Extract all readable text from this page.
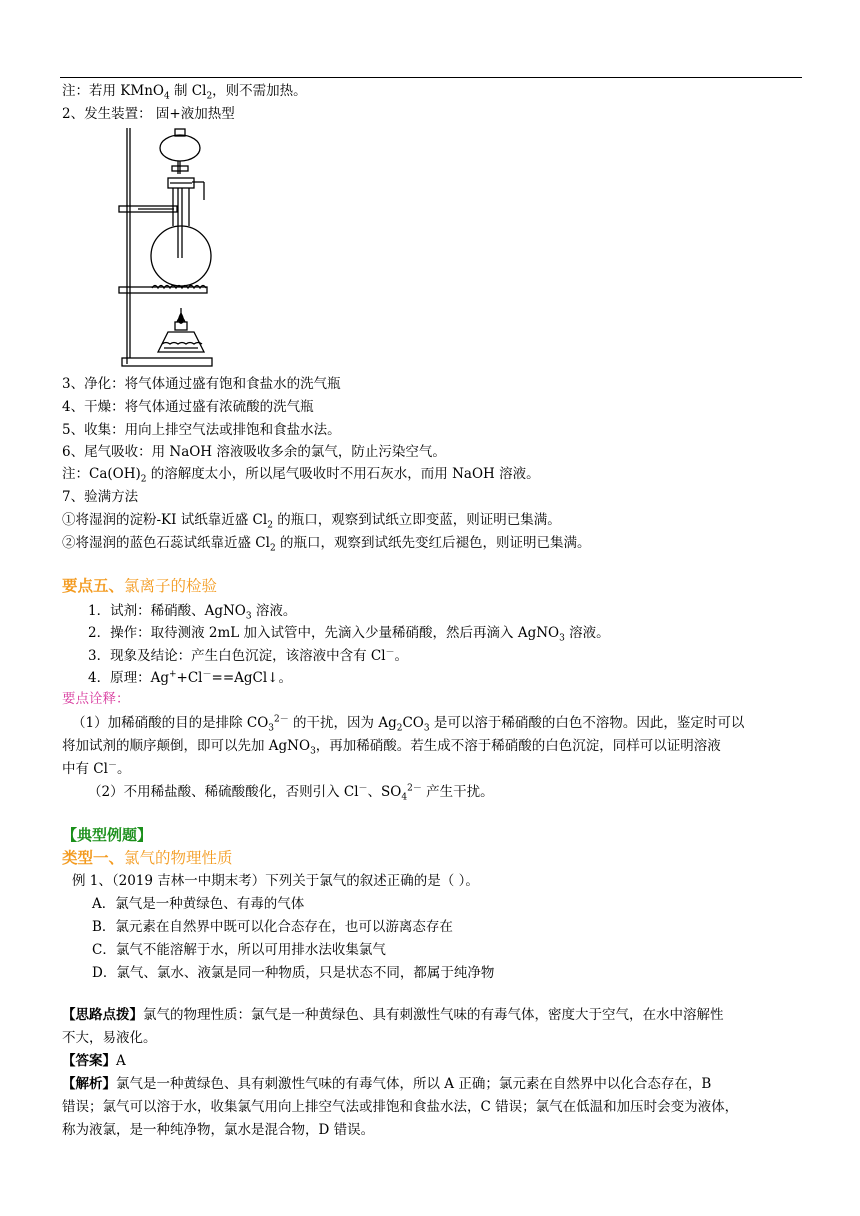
注：若用 KMnO$_4$ 制 $Cl_2$，则不需加热。
2、发生装置： 固+液加热型
3、净化：将气体通过盛有饱和食盐水的洗气瓶
4、干燥：将气体通过盛有浓硫酸的洗气瓶
5、收集：用向上排空气法或排饱和食盐水法。
6、尾气吸收：用 NaOH 溶液吸收多余的氯气，防止污染空气。
注：$Ca(OH)_2$ 的溶解度太小，所以尾气吸收时不用石灰水，而用 NaOH 溶液。
7、验满方法
①将湿润的淀粉-KI 试纸靠近盛 $Cl_2$ 的瓶口，观察到试纸立即变蓝，则证明已集满。
②将湿润的蓝色石蕊试纸靠近盛 $Cl_2$ 的瓶口，观察到试纸先变红后褪色，则证明已集满。
要点五、氯离子的检验
1．试剂：稀硝酸、AgNO$_3$ 溶液。
2．操作：取待测液 2mL 加入试管中，先滴入少量稀硝酸，然后再滴入 AgNO$_3$ 溶液。
3．现象及结论：产生白色沉淀，该溶液中含有 Cl－。
4．原理：Ag++Cl－==AgCl↓。
要点诠释：
（1）加稀硝酸的目的是排除 $CO_3^{2-}$ 的干扰，因为 $Ag_2CO_3$ 是可以溶于稀硝酸的白色不溶物。因此，鉴定时可以
将加试剂的顺序颠倒，即可以先加 AgNO$_3$，再加稀硝酸。若生成不溶于稀硝酸的白色沉淀，同样可以证明溶液
中有 Cl－。
（2）不用稀盐酸、稀硫酸酸化，否则引入 Cl－、$SO_4^{2-}$ 产生干扰。
【典型例题】
类型一、氯气的物理性质
例 1、（2019 吉林一中期末考）下列关于氯气的叙述正确的是（ ）。
A．氯气是一种黄绿色、有毒的气体
B．氯元素在自然界中既可以化合态存在，也可以游离态存在
C．氯气不能溶解于水，所以可用排水法收集氯气
D．氯气、氯水、液氯是同一种物质，只是状态不同，都属于纯净物
【思路点拨】氯气的物理性质：氯气是一种黄绿色、具有刺激性气味的有毒气体，密度大于空气，在水中溶解性
不大，易液化。
【答案】A
【解析】氯气是一种黄绿色、具有刺激性气味的有毒气体，所以 A 正确；氯元素在自然界中以化合态存在，B
错误；氯气可以溶于水，收集氯气用向上排空气法或排饱和食盐水法，C 错误；氯气在低温和加压时会变为液体，
称为液氯，是一种纯净物，氯水是混合物，D 错误。
